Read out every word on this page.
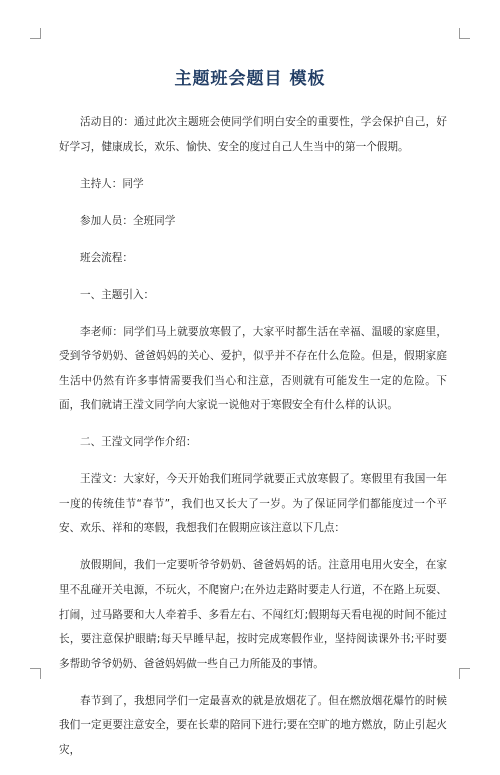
主题班会题目 模板

活动目的：通过此次主题班会使同学们明白安全的重要性，学会保护自己，好好学习，健康成长，欢乐、愉快、安全的度过自己人生当中的第一个假期。

主持人：同学

参加人员：全班同学

班会流程：

一、主题引入：

李老师：同学们马上就要放寒假了，大家平时都生活在幸福、温暖的家庭里，受到爷爷奶奶、爸爸妈妈的关心、爱护，似乎并不存在什么危险。但是，假期家庭生活中仍然有许多事情需要我们当心和注意，否则就有可能发生一定的危险。下面，我们就请王滢文同学向大家说一说他对于寒假安全有什么样的认识。

二、王滢文同学作介绍：

王滢文：大家好，今天开始我们班同学就要正式放寒假了。寒假里有我国一年一度的传统佳节“春节”，我们也又长大了一岁。为了保证同学们都能度过一个平安、欢乐、祥和的寒假，我想我们在假期应该注意以下几点：

放假期间，我们一定要听爷爷奶奶、爸爸妈妈的话。注意用电用火安全，在家里不乱碰开关电源，不玩火，不爬窗户;在外边走路时要走人行道，不在路上玩耍、打闹，过马路要和大人牵着手、多看左右、不闯红灯;假期每天看电视的时间不能过长，要注意保护眼睛;每天早睡早起，按时完成寒假作业，坚持阅读课外书;平时要多帮助爷爷奶奶、爸爸妈妈做一些自己力所能及的事情。

春节到了，我想同学们一定最喜欢的就是放烟花了。但在燃放烟花爆竹的时候我们一定更要注意安全，要在长辈的陪同下进行;要在空旷的地方燃放，防止引起火灾，
